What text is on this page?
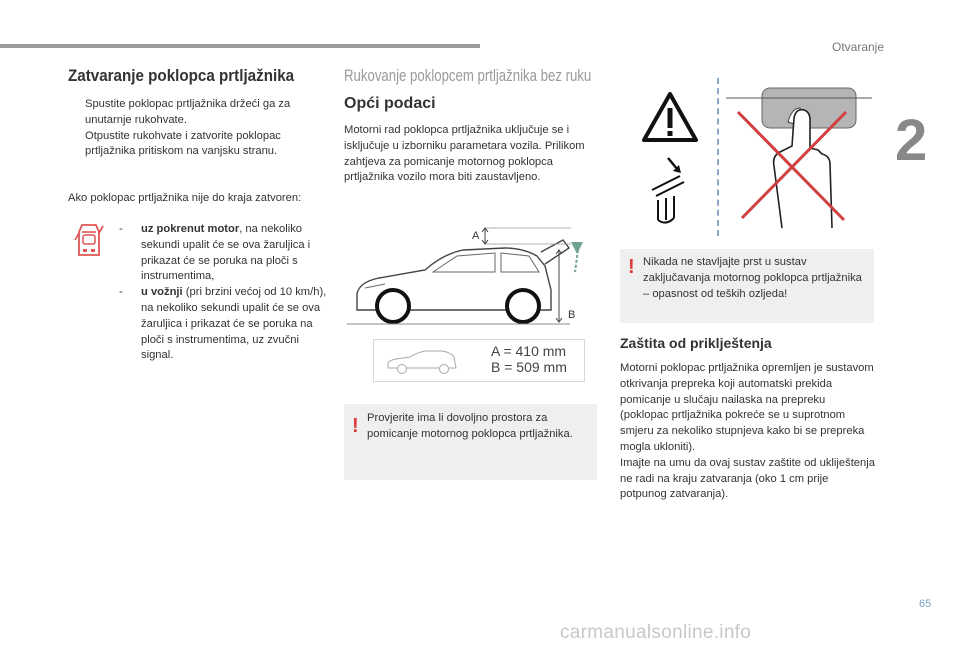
Otvaranje
2
Zatvaranje poklopca prtljažnika
Spustite poklopac prtljažnika držeći ga za unutarnje rukohvate.
Otpustite rukohvate i zatvorite poklopac prtljažnika pritiskom na vanjsku stranu.
Ako poklopac prtljažnika nije do kraja zatvoren:
-	uz pokrenut motor, na nekoliko sekundi upalit će se ova žaruljica i prikazat će se poruka na ploči s instrumentima,
-	u vožnji (pri brzini većoj od 10 km/h), na nekoliko sekundi upalit će se ova žaruljica i prikazat će se poruka na ploči s instrumentima, uz zvučni signal.
Rukovanje poklopcem prtljažnika bez ruku
Opći podaci
Motorni rad poklopca prtljažnika uključuje se i isključuje u izborniku parametara vozila. Prilikom zahtjeva za pomicanje motornog poklopca prtljažnika vozilo mora biti zaustavljeno.
A
B
A = 410 mm
B = 509 mm
! Provjerite ima li dovoljno prostora za pomicanje motornog poklopca prtljažnika.
! Nikada ne stavljajte prst u sustav zaključavanja motornog poklopca prtljažnika – opasnost od teških ozljeda!
Zaštita od priklještenja
Motorni poklopac prtljažnika opremljen je sustavom otkrivanja prepreka koji automatski prekida pomicanje u slučaju nailaska na prepreku (poklopac prtljažnika pokreće se u suprotnom smjeru za nekoliko stupnjeva kako bi se prepreka mogla ukloniti).
Imajte na umu da ovaj sustav zaštite od ukliještenja ne radi na kraju zatvaranja (oko 1 cm prije potpunog zatvaranja).
65
carmanualsonline.info
